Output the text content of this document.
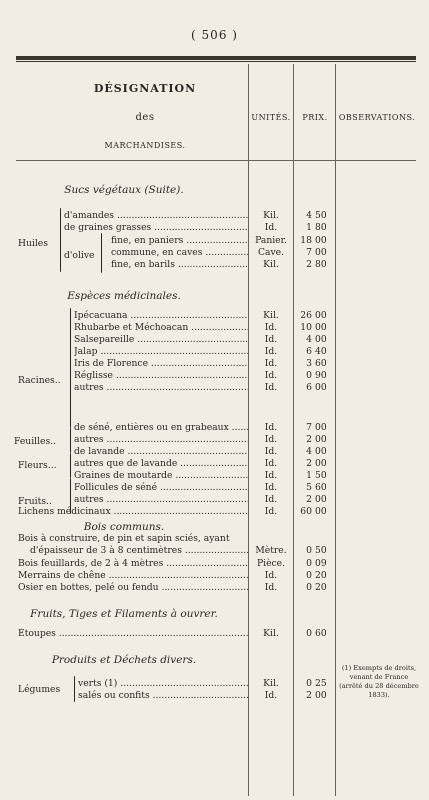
( 506 )
DÉSIGNATION
des
MARCHANDISES.
UNITÉS.	PRIX.	OBSERVATIONS.
Sucs végétaux (Suite).
Espèces médicinales.
Bois communs.
Fruits, Tiges et Filaments à ouvrer.
Produits et Déchets divers.
Huiles
d'olive
Racines..
Feuilles..
Fleurs...
Fruits..
Légumes
Bois à construire, de pin et sapin sciés, ayant
d'épaisseur de 3 à 8 centimètres .....	Mètre.	0 50
(1) Exempts de droits, venant de France (arrêté du 28 décembre 1833).
d'amandes .....	Kil.	4 50
de graines grasses .....	Id.	1 80
fine, en paniers .....	Panier.	18 00
commune, en caves .....	Cave.	7 00
fine, en barils .....	Kil.	2 80
Ipécacuana .....	Kil.	26 00
Rhubarbe et Méchoacan .....	Id.	10 00
Salsepareille .....	Id.	4 00
Jalap .....	Id.	6 40
Iris de Florence .....	Id.	3 60
Réglisse .....	Id.	0 90
autres .....	Id.	6 00
de séné, entières ou en grabeaux .....	Id.	7 00
autres .....	Id.	2 00
de lavande .....	Id.	4 00
autres que de lavande .....	Id.	2 00
Graines de moutarde .....	Id.	1 50
Follicules de séné .....	Id.	5 60
autres .....	Id.	2 00
Lichens médicinaux .....	Id.	60 00
Bois feuillards, de 2 à 4 mètres .....	Pièce.	0 09
Merrains de chêne .....	Id.	0 20
Osier en bottes, pelé ou fendu .....	Id.	0 20
Étoupes .....	Kil.	0 60
verts (1) .....	Kil.	0 25
salés ou confits .....	Id.	2 00
